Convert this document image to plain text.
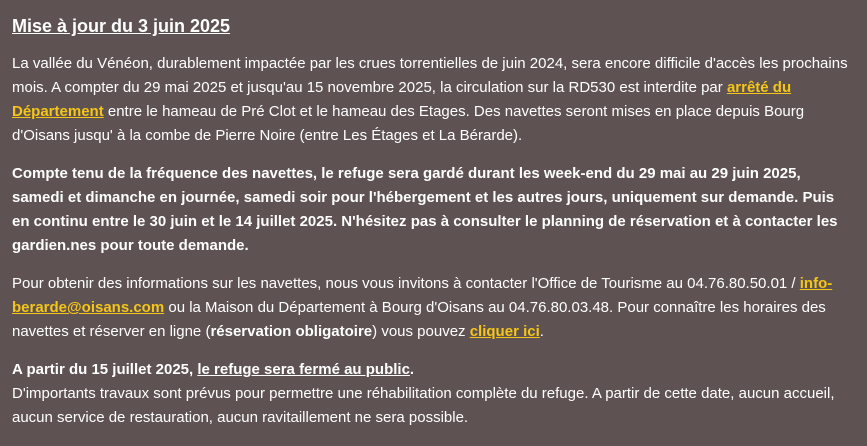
Mise à jour du 3 juin 2025

La vallée du Vénéon, durablement impactée par les crues torrentielles de juin 2024, sera encore difficile d'accès les prochains mois. A compter du 29 mai 2025 et jusqu'au 15 novembre 2025, la circulation sur la RD530 est interdite par arrêté du Département entre le hameau de Pré Clot et le hameau des Etages. Des navettes seront mises en place depuis Bourg d'Oisans jusqu' à la combe de Pierre Noire (entre Les Étages et La Bérarde).

Compte tenu de la fréquence des navettes, le refuge sera gardé durant les week-end du 29 mai au 29 juin 2025, samedi et dimanche en journée, samedi soir pour l'hébergement et les autres jours, uniquement sur demande. Puis en continu entre le 30 juin et le 14 juillet 2025. N'hésitez pas à consulter le planning de réservation et à contacter les gardien.nes pour toute demande.

Pour obtenir des informations sur les navettes, nous vous invitons à contacter l'Office de Tourisme au 04.76.80.50.01 / info-berarde@oisans.com ou la Maison du Département à Bourg d'Oisans au 04.76.80.03.48. Pour connaître les horaires des navettes et réserver en ligne (réservation obligatoire) vous pouvez cliquer ici.

A partir du 15 juillet 2025, le refuge sera fermé au public.
D'importants travaux sont prévus pour permettre une réhabilitation complète du refuge. A partir de cette date, aucun accueil, aucun service de restauration, aucun ravitaillement ne sera possible.
